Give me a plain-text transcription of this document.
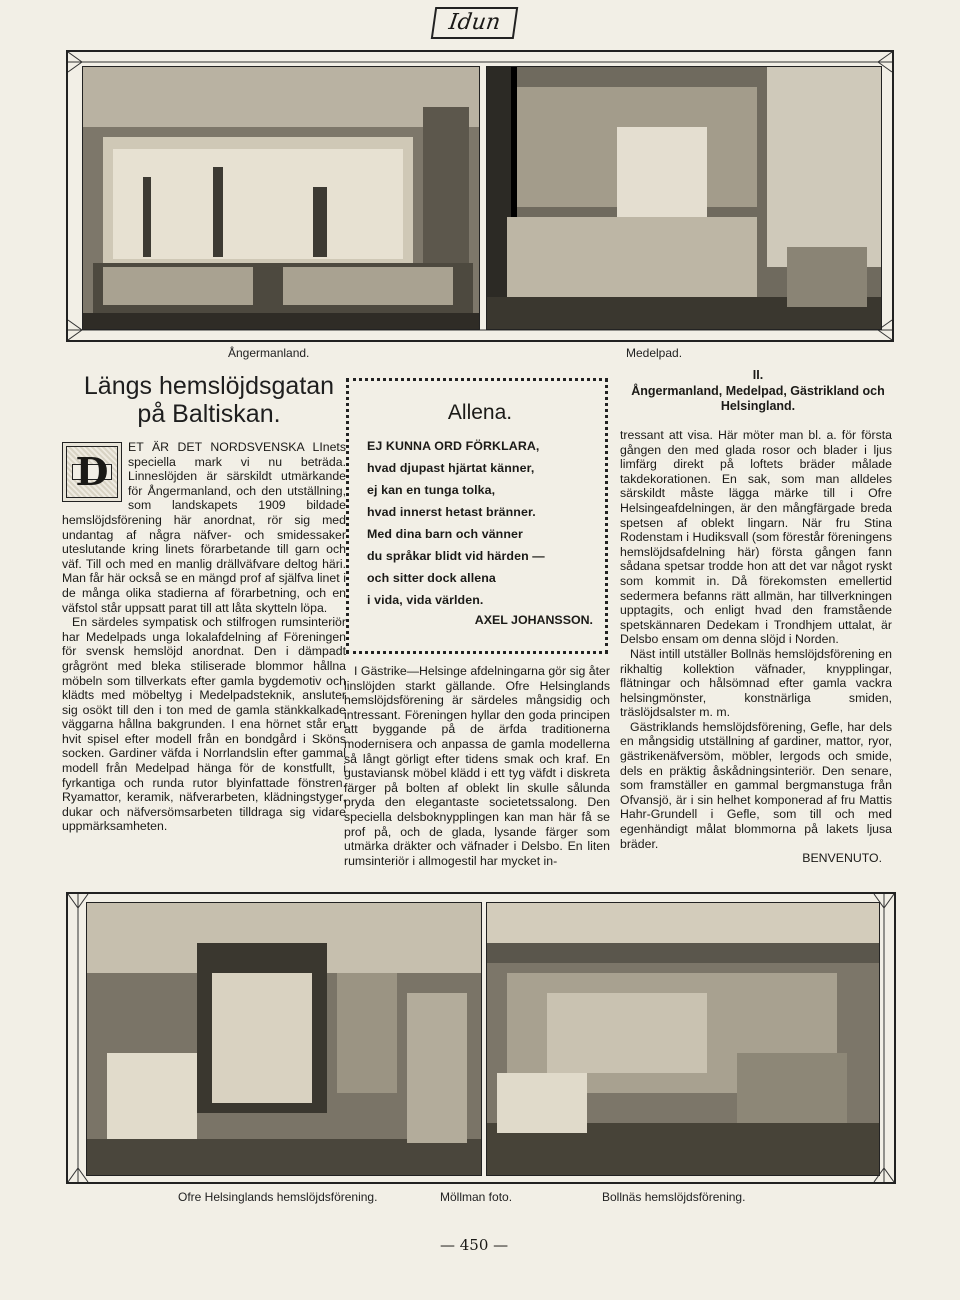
Idun
Ångermanland.	Medelpad.
Längs hemslöjdsgatan på Baltiskan.
D

ET ÄR DET NORDSVENSKA LInets speciella mark vi nu beträda. Linneslöjden är särskildt utmärkande för Ångermanland, och den utställning, som landskapets 1909 bildade hemslöjdsförening här anordnat, rör sig med undantag af några näfver- och smidessaker uteslutande kring linets förarbetande till garn och väf. Till och med en manlig drällväfvare deltog häri. Man får här också se en mängd prof af själfva linet i de många olika stadierna af förarbetning, och en väfstol står uppsatt parat till att låta skytteln löpa.

En särdeles sympatisk och stilfrogen rumsinteriör har Medelpads unga lokalafdelning af Föreningen för svensk hemslöjd anordnat. Den i dämpadt grågrönt med bleka stiliserade blommor hållna möbeln som tillverkats efter gamla bygdemotiv och klädts med möbeltyg i Medelpadsteknik, ansluter sig osökt till den i ton med de gamla stänkkalkade väggarna hållna bakgrunden. I ena hörnet står en hvit spisel efter modell från en bondgård i Sköns socken. Gardiner väfda i Norrlandslin efter gammal modell från Medelpad hänga för de konstfullt, i fyrkantiga och runda rutor blyinfattade fönstren. Ryamattor, keramik, näfverarbeten, klädningstyger, dukar och näfversömsarbeten tilldraga sig vidare uppmärksamheten.

Allena.
EJ KUNNA ORD FÖRKLARA,
hvad djupast hjärtat känner,
ej kan en tunga tolka,
hvad innerst hetast bränner.
Med dina barn och vänner
du språkar blidt vid härden —
och sitter dock allena
i vida, vida världen.
AXEL JOHANSSON.

I Gästrike—Helsinge afdelningarna gör sig åter linslöjden starkt gällande. Ofre Helsinglands hemslöjdsförening är särdeles mångsidig och intressant. Föreningen hyllar den goda principen att byggande på de ärfda traditionerna modernisera och anpassa de gamla modellerna så långt görligt efter tidens smak och kraf. En gustaviansk möbel klädd i ett tyg väfdt i diskreta färger på bolten af oblekt lin skulle sålunda pryda den elegantaste societetssalong. Den speciella delsboknypplingen kan man här få se prof på, och de glada, lysande färger som utmärka dräkter och väfnader i Delsbo. En liten rumsinteriör i allmogestil har mycket in-

II.
Ångermanland, Medelpad, Gästrikland och Helsingland.

tressant att visa. Här möter man bl. a. för första gången den med glada rosor och blader i ljus limfärg direkt på loftets bräder målade takdekorationen. En sak, som man alldeles särskildt måste lägga märke till i Ofre Helsingeafdelningen, är den mångfärgade breda spetsen af oblekt lingarn. När fru Stina Rodenstam i Hudiksvall (som förestår föreningens hemslöjdsafdelning här) första gången fann sådana spetsar trodde hon att det var något ryskt som kommit in. Då förekomsten emellertid sedermera befanns rätt allmän, har tillverkningen upptagits, och enligt hvad den framstående spetskännaren Dedekam i Trondhjem uttalat, är Delsbo ensam om denna slöjd i Norden.

Näst intill utställer Bollnäs hemslöjdsförening en rikhaltig kollektion väfnader, knypplingar, flätningar och hålsömnad efter gamla vackra helsingmönster, konstnärliga smiden, träslöjdsalster m. m.

Gästriklands hemslöjdsförening, Gefle, har dels en mångsidig utställning af gardiner, mattor, ryor, gästrikenäfversöm, möbler, lergods och smide, dels en präktig åskådningsinteriör. Den senare, som framställer en gammal bergmanstuga från Ofvansjö, är i sin helhet komponerad af fru Mattis Hahr-Grundell i Gefle, som till och med egenhändigt målat blommorna på lakets ljusa bräder.

BENVENUTO.
Ofre Helsinglands hemslöjdsförening.	Möllman foto.	Bollnäs hemslöjdsförening.
— 450 —
